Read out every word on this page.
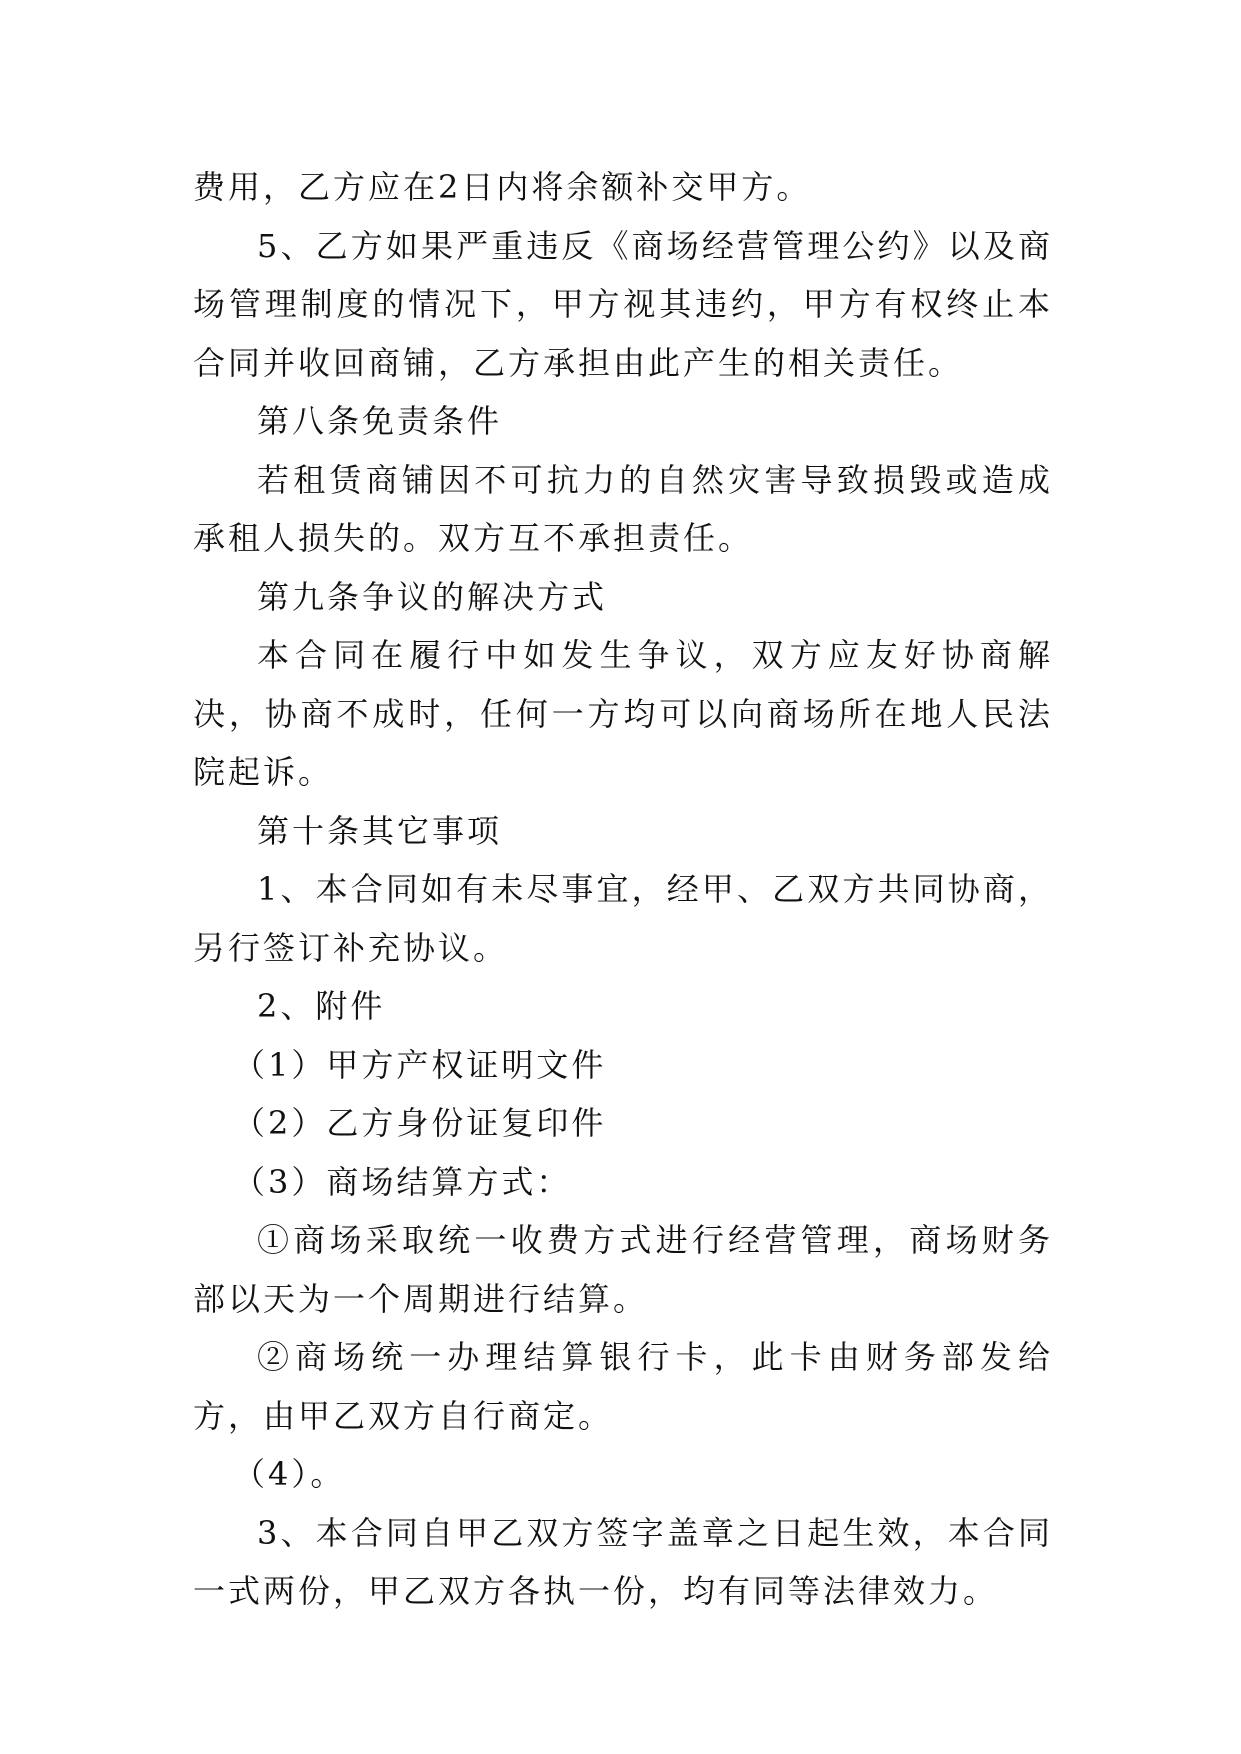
费用，乙方应在2日内将余额补交甲方。

5、乙方如果严重违反《商场经营管理公约》以及商场管理制度的情况下，甲方视其违约，甲方有权终止本合同并收回商铺，乙方承担由此产生的相关责任。

第八条免责条件

若租赁商铺因不可抗力的自然灾害导致损毁或造成承租人损失的。双方互不承担责任。

第九条争议的解决方式

本合同在履行中如发生争议，双方应友好协商解决，协商不成时，任何一方均可以向商场所在地人民法院起诉。

第十条其它事项

1、本合同如有未尽事宜，经甲、乙双方共同协商，另行签订补充协议。

2、附件

（1）甲方产权证明文件

（2）乙方身份证复印件

（3）商场结算方式：

①商场采取统一收费方式进行经营管理，商场财务部以天为一个周期进行结算。

②商场统一办理结算银行卡，此卡由财务部发给方，由甲乙双方自行商定。

（4）。

3、本合同自甲乙双方签字盖章之日起生效，本合同一式两份，甲乙双方各执一份，均有同等法律效力。
